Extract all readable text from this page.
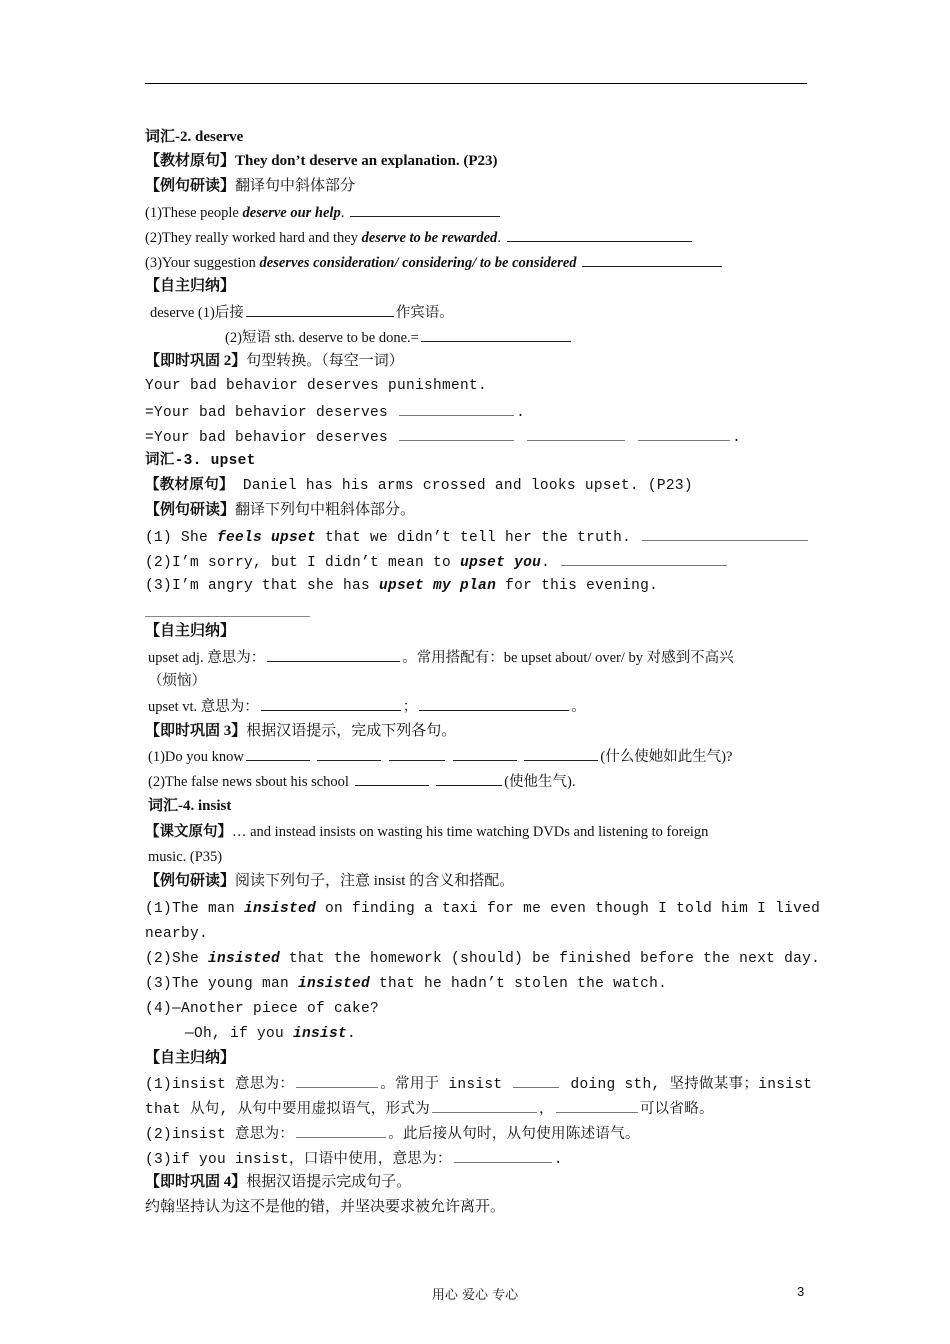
词汇-2. deserve
【教材原句】They don’t deserve an explanation. (P23)
【例句研读】翻译句中斜体部分
(1)These people deserve our help.
(2)They really worked hard and they deserve to be rewarded.
(3)Your suggestion deserves consideration/ considering/ to be considered
【自主归纳】
deserve (1)后接	作宾语。
(2)短语 sth. deserve to be done.=
【即时巩固 2】句型转换。（每空一词）
Your bad behavior deserves punishment.
=Your bad behavior deserves	.
=Your bad behavior deserves	.
词汇-3. upset
【教材原句】 Daniel has his arms crossed and looks upset. (P23)
【例句研读】翻译下列句中粗斜体部分。
(1) She feels upset that we didn’t tell her the truth.
(2)I’m sorry, but I didn’t mean to upset you.
(3)I’m angry that she has upset my plan for this evening.
【自主归纳】
upset adj. 意思为：	。常用搭配有：be upset about/ over/ by 对感到不高兴
（烦恼）
upset vt. 意思为：	；	。
【即时巩固 3】根据汉语提示，完成下列各句。
(1)Do you know	(什么使她如此生气)?
(2)The false news sbout his school	(使他生气).
词汇-4. insist
【课文原句】… and instead insists on wasting his time watching DVDs and listening to foreign
music. (P35)
【例句研读】阅读下列句子，注意 insist 的含义和搭配。
(1)The man insisted on finding a taxi for me even though I told him I lived
nearby.
(2)She insisted that the homework (should) be finished before the next day.
(3)The young man insisted that he hadn’t stolen the watch.
(4)—Another piece of cake?
—Oh, if you insist.
【自主归纳】
(1)insist 意思为：	。常用于 insist	doing sth, 坚持做某事；insist
that 从句, 从句中要用虚拟语气，形式为	，	可以省略。
(2)insist 意思为：	。此后接从句时，从句使用陈述语气。
(3)if you insist，口语中使用，意思为：	.
【即时巩固 4】根据汉语提示完成句子。
约翰坚持认为这不是他的错，并坚决要求被允许离开。
用心 爱心 专心	3
